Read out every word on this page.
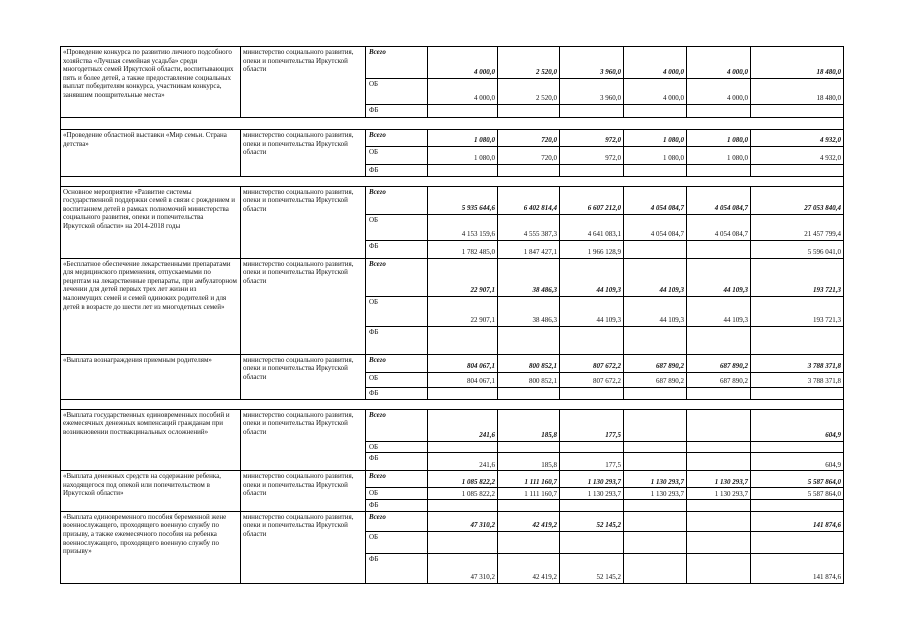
«Проведение конкурса по развитию личного подсобного хозяйства «Лучшая семейная усадьба» среди многодетных семей Иркутской области, воспитывающих пять и более детей, а также предоставление социальных выплат победителям конкурса, участникам конкурса, занявшим поощрительные места»	министерство социального развития, опеки и попечительства Иркутской области	Всего	4 000,0	2 520,0	3 960,0	4 000,0	4 000,0	18 480,0
		ОБ	4 000,0	2 520,0	3 960,0	4 000,0	4 000,0	18 480,0
		ФБ						

«Проведение областной выставки «Мир семьи. Страна детства»	министерство социального развития, опеки и попечительства Иркутской области	Всего	1 080,0	720,0	972,0	1 080,0	1 080,0	4 932,0
		ОБ	1 080,0	720,0	972,0	1 080,0	1 080,0	4 932,0
		ФБ						

Основное мероприятие «Развитие системы государственной поддержки семей в связи с рождением и воспитанием детей в рамках полномочий министерства социального развития, опеки и попечительства Иркутской области» на 2014-2018 годы	министерство социального развития, опеки и попечительства Иркутской области	Всего	5 935 644,6	6 402 814,4	6 607 212,0	4 054 084,7	4 054 084,7	27 053 840,4
		ОБ	4 153 159,6	4 555 387,3	4 641 083,1	4 054 084,7	4 054 084,7	21 457 799,4
		ФБ	1 782 485,0	1 847 427,1	1 966 128,9			5 596 041,0
«Бесплатное обеспечение лекарственными препаратами для медицинского применения, отпускаемыми по рецептам на лекарственные препараты, при амбулаторном лечении для детей первых трех лет жизни из малоимущих семей и семей одиноких родителей и для детей в возрасте до шести лет из многодетных семей»	министерство социального развития, опеки и попечительства Иркутской области	Всего	22 907,1	38 486,3	44 109,3	44 109,3	44 109,3	193 721,3
		ОБ	22 907,1	38 486,3	44 109,3	44 109,3	44 109,3	193 721,3
		ФБ						
«Выплата вознаграждения приемным родителям»	министерство социального развития, опеки и попечительства Иркутской области	Всего	804 067,1	800 852,1	807 672,2	687 890,2	687 890,2	3 788 371,8
		ОБ	804 067,1	800 852,1	807 672,2	687 890,2	687 890,2	3 788 371,8
		ФБ						

«Выплата государственных единовременных пособий и ежемесячных денежных компенсаций гражданам при возникновении поствакцинальных осложнений»	министерство социального развития, опеки и попечительства Иркутской области	Всего	241,6	185,8	177,5			604,9
		ОБ						
		ФБ	241,6	185,8	177,5			604,9
«Выплата денежных средств на содержание ребенка, находящегося под опекой или попечительством в Иркутской области»	министерство социального развития, опеки и попечительства Иркутской области	Всего	1 085 822,2	1 111 160,7	1 130 293,7	1 130 293,7	1 130 293,7	5 587 864,0
		ОБ	1 085 822,2	1 111 160,7	1 130 293,7	1 130 293,7	1 130 293,7	5 587 864,0
		ФБ						
«Выплата единовременного пособия беременной жене военнослужащего, проходящего военную службу по призыву, а также ежемесячного пособия на ребенка военнослужащего, проходящего военную службу по призыву»	министерство социального развития, опеки и попечительства Иркутской области	Всего	47 310,2	42 419,2	52 145,2			141 874,6
		ОБ						
		ФБ	47 310,2	42 419,2	52 145,2			141 874,6
